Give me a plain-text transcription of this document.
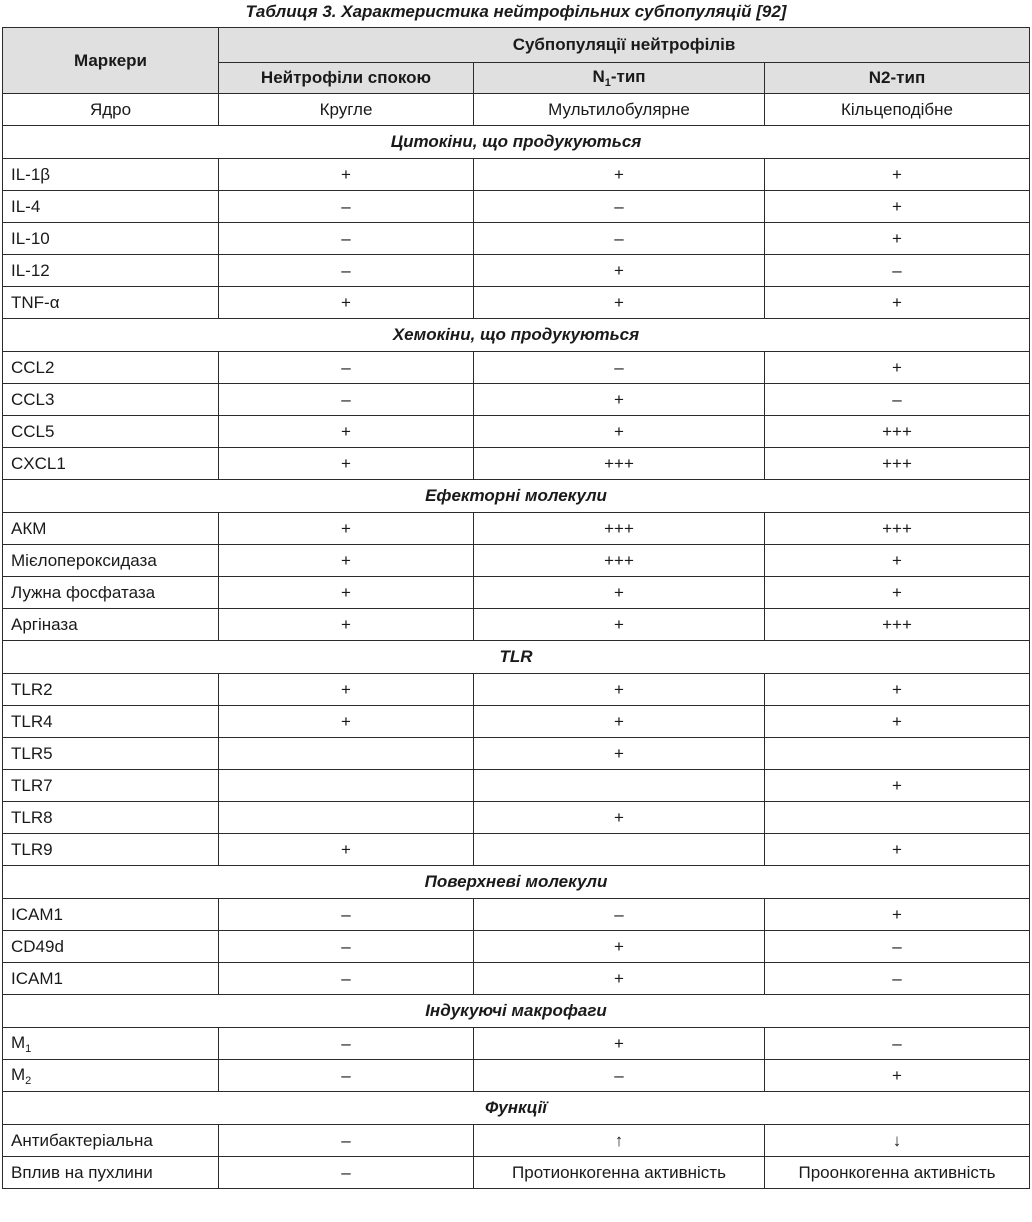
Таблиця 3. Характеристика нейтрофільних субпопуляцій [92]
Маркери	Субпопуляції нейтрофілів		
	Нейтрофіли спокою	$N_1$-тип	N2-тип
Ядро	Кругле	Мультилобулярне	Кільцеподібне
Цитокіни, що продукуються			
IL-1β	+	+	+
IL-4	–	–	+
IL-10	–	–	+
IL-12	–	+	–
TNF-α	+	+	+
Хемокіни, що продукуються			
CCL2	–	–	+
CCL3	–	+	–
CCL5	+	+	+++
CXCL1	+	+++	+++
Ефекторні молекули			
АКМ	+	+++	+++
Мієлопероксидаза	+	+++	+
Лужна фосфатаза	+	+	+
Аргіназа	+	+	+++
TLR			
TLR2	+	+	+
TLR4	+	+	+
TLR5		+	
TLR7			+
TLR8		+	
TLR9	+		+
Поверхневі молекули			
ICAM1	–	–	+
CD49d	–	+	–
ICAM1	–	+	–
Індукуючі макрофаги			
$M_1$	–	+	–
$M_2$	–	–	+
Функції			
Антибактеріальна	–	↑	↓
Вплив на пухлини	–	Протионкогенна активність	Проонкогенна активність
